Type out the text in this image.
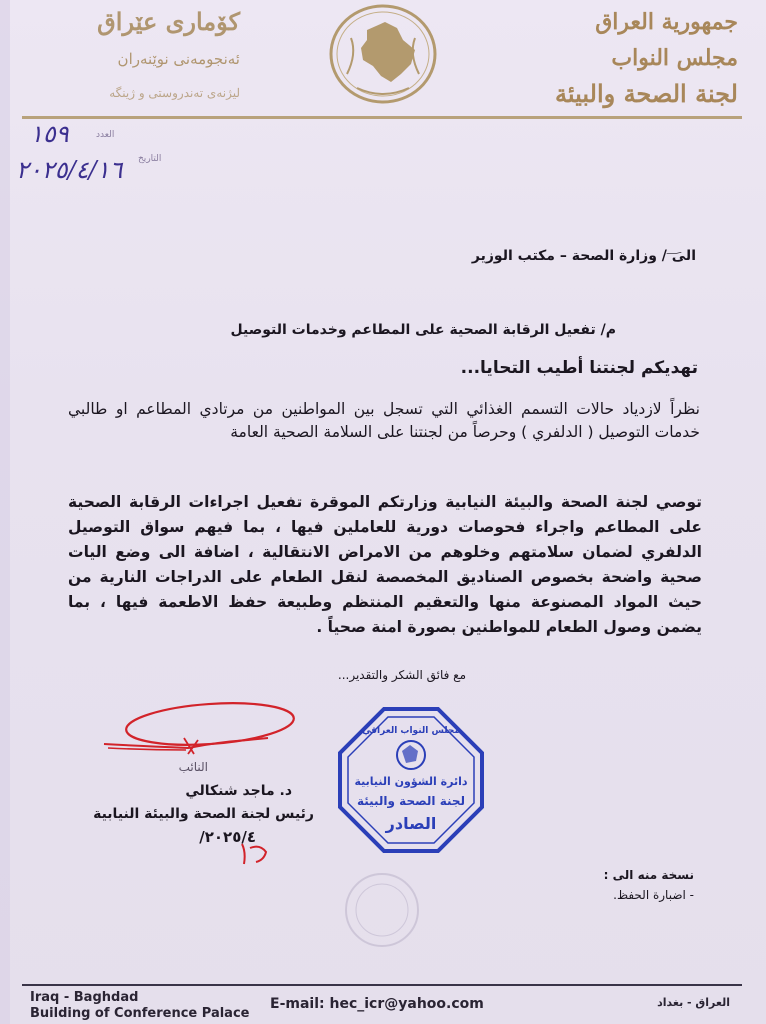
جمهورية العراق
مجلس النواب
لجنة الصحة والبيئة
کۆماری عێراق
ئەنجومەنی نوێنەران
لیژنەی تەندروستی و ژینگە
١٥٩
٢٠٢٥/٤/١٦
العدد
التاريخ
الى / وزارة الصحة – مكتب الوزير
م/ تفعيل الرقابة الصحية على المطاعم وخدمات التوصيل
تهديكم لجنتنا أطيب التحايا...
نظراً لازدياد حالات التسمم الغذائي التي تسجل بين المواطنين من مرتادي المطاعم او طالبي خدمات التوصيل ( الدلفري ) وحرصاً من لجنتنا على السلامة الصحية العامة
توصي لجنة الصحة والبيئة النيابية وزارتكم الموقرة تفعيل اجراءات الرقابة الصحية على المطاعم واجراء فحوصات دورية للعاملين فيها ، بما فيهم سواق التوصيل الدلفري لضمان سلامتهم وخلوهم من الامراض الانتقالية ، اضافة الى وضع اليات صحية واضحة بخصوص الصناديق المخصصة لنقل الطعام على الدراجات النارية من حيث المواد المصنوعة منها والتعقيم المنتظم وطبيعة حفظ الاطعمة فيها ، بما يضمن وصول الطعام للمواطنين بصورة امنة صحياً .
مع فائق الشكر والتقدير...
النائب
د. ماجد شنكالي
رئيس لجنة الصحة والبيئة النيابية
٢٠٢٥/٤/
مجلس النواب العراقي
دائرة الشؤون النيابية
لجنة الصحة والبيئة
الصادر
نسخة منه الى :
- اضبارة الحفظ.
Iraq - Baghdad
Building of Conference Palace
E-mail: hec_icr@yahoo.com	العراق - بغداد
